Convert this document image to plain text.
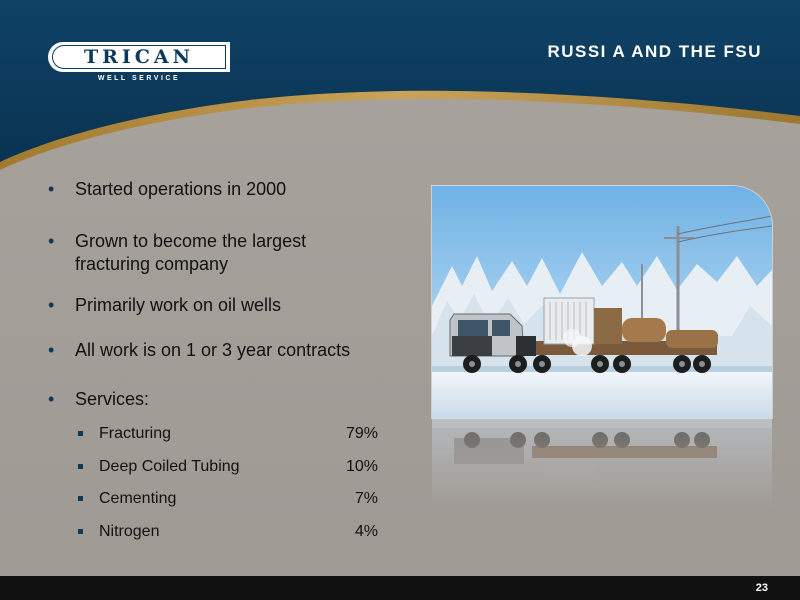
TRICAN
WELL SERVICE
RUSSI A AND THE FSU
• Started operations in 2000
• Grown to become the largest fracturing company
• Primarily work on oil wells
• All work is on 1 or 3 year contracts
• Services:
Fracturing	79%
Deep Coiled Tubing	10%
Cementing	7%
Nitrogen	4%
23
